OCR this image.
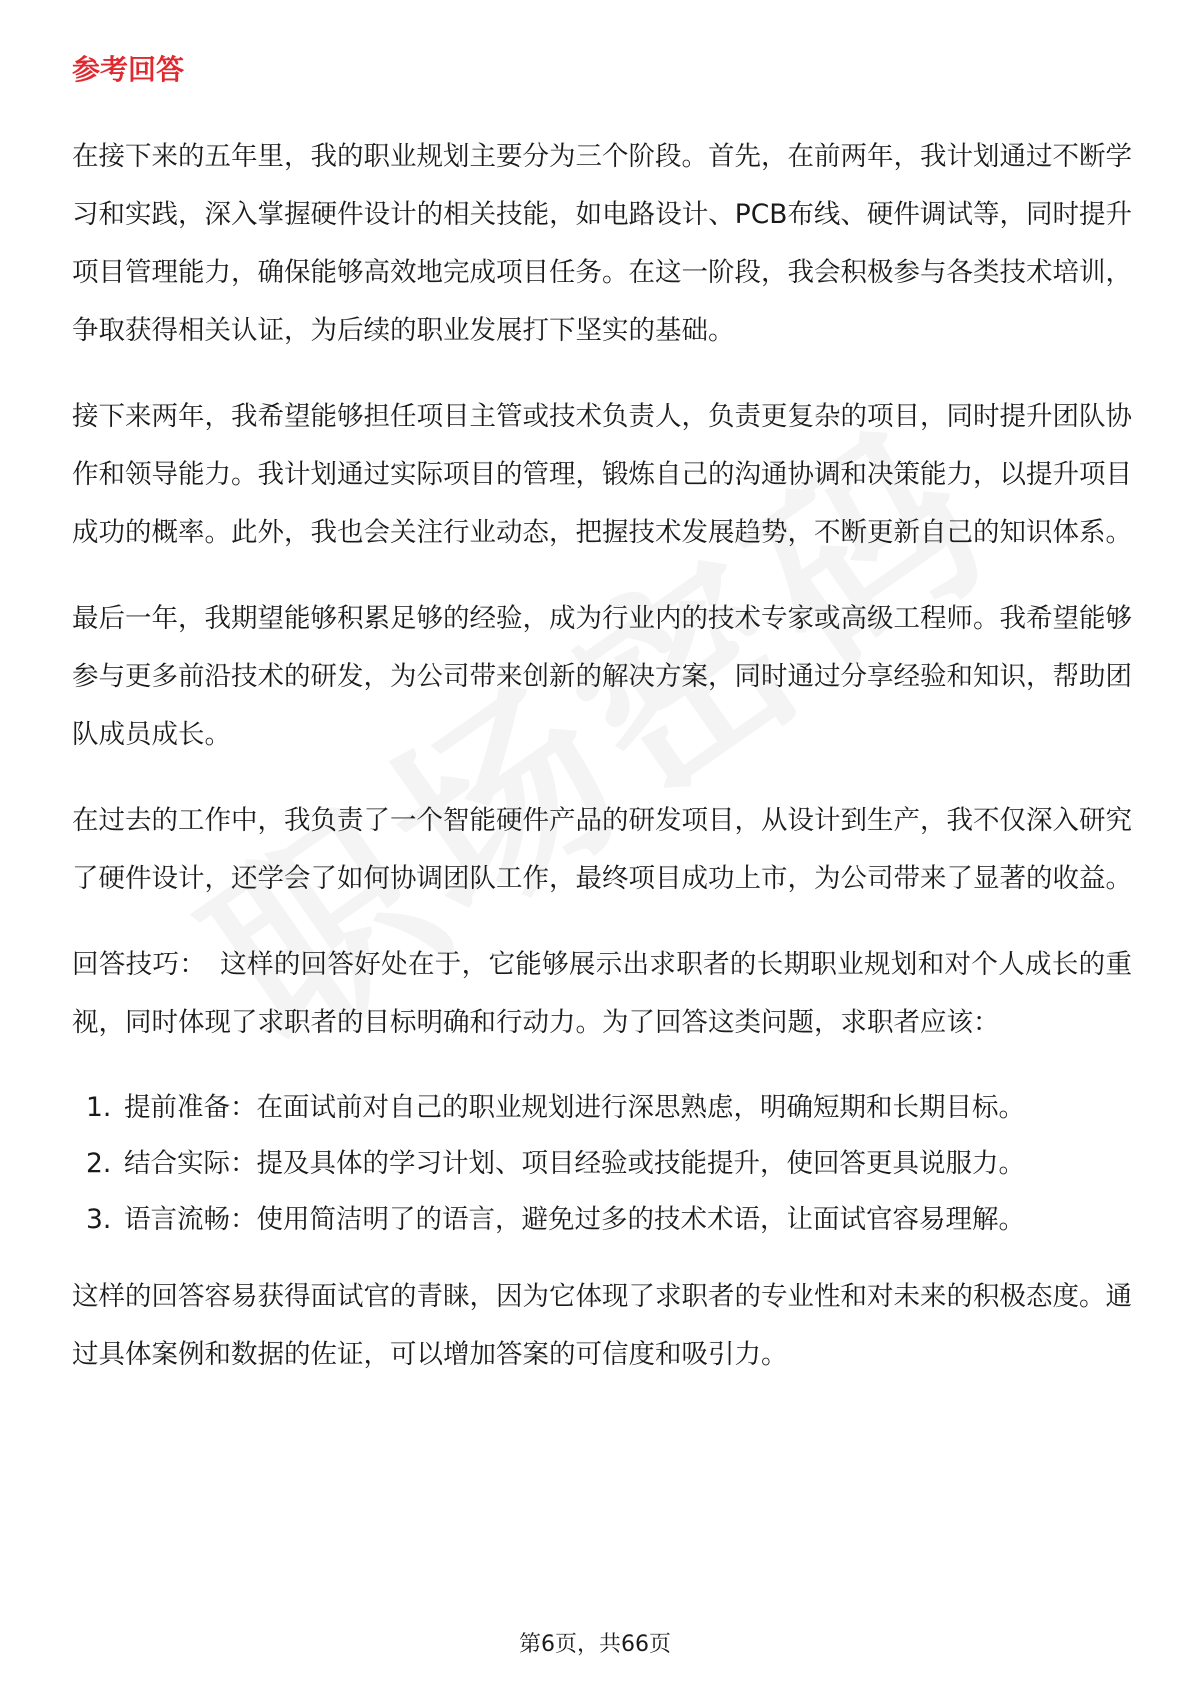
参考回答

在接下来的五年里，我的职业规划主要分为三个阶段。首先，在前两年，我计划通过不断学习和实践，深入掌握硬件设计的相关技能，如电路设计、PCB布线、硬件调试等，同时提升项目管理能力，确保能够高效地完成项目任务。在这一阶段，我会积极参与各类技术培训，争取获得相关认证，为后续的职业发展打下坚实的基础。

接下来两年，我希望能够担任项目主管或技术负责人，负责更复杂的项目，同时提升团队协作和领导能力。我计划通过实际项目的管理，锻炼自己的沟通协调和决策能力，以提升项目成功的概率。此外，我也会关注行业动态，把握技术发展趋势，不断更新自己的知识体系。

最后一年，我期望能够积累足够的经验，成为行业内的技术专家或高级工程师。我希望能够参与更多前沿技术的研发，为公司带来创新的解决方案，同时通过分享经验和知识，帮助团队成员成长。

在过去的工作中，我负责了一个智能硬件产品的研发项目，从设计到生产，我不仅深入研究了硬件设计，还学会了如何协调团队工作，最终项目成功上市，为公司带来了显著的收益。

回答技巧： 这样的回答好处在于，它能够展示出求职者的长期职业规划和对个人成长的重视，同时体现了求职者的目标明确和行动力。为了回答这类问题，求职者应该：

1. 提前准备：在面试前对自己的职业规划进行深思熟虑，明确短期和长期目标。
2. 结合实际：提及具体的学习计划、项目经验或技能提升，使回答更具说服力。
3. 语言流畅：使用简洁明了的语言，避免过多的技术术语，让面试官容易理解。

这样的回答容易获得面试官的青睐，因为它体现了求职者的专业性和对未来的积极态度。通过具体案例和数据的佐证，可以增加答案的可信度和吸引力。

第6页，共66页
